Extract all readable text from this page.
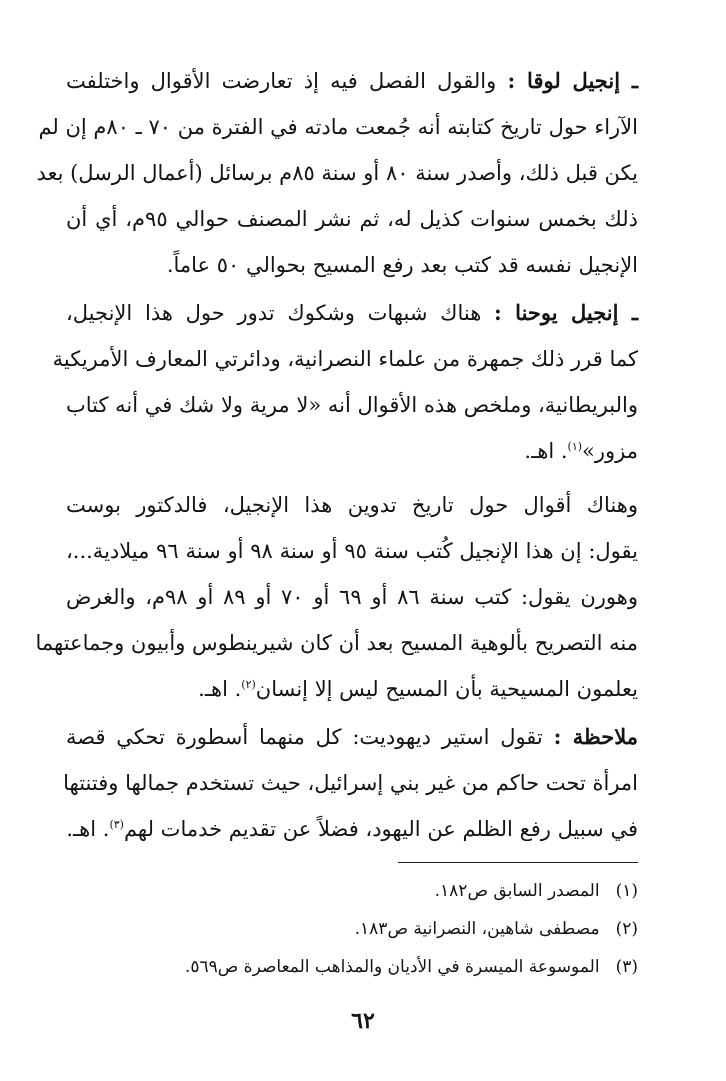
ـ إنجيل لوقا : والقول الفصل فيه إذ تعارضت الأقوال واختلفت
الآراء حول تاريخ كتابته أنه جُمعت مادته في الفترة من ٧٠ ـ ٨٠م إن لم
يكن قبل ذلك، وأصدر سنة ٨٠ أو سنة ٨٥م برسائل (أعمال الرسل) بعد
ذلك بخمس سنوات كذيل له، ثم نشر المصنف حوالي ٩٥م، أي أن
الإنجيل نفسه قد كتب بعد رفع المسيح بحوالي ٥٠ عاماً.
ـ إنجيل يوحنا : هناك شبهات وشكوك تدور حول هذا الإنجيل،
كما قرر ذلك جمهرة من علماء النصرانية، ودائرتي المعارف الأمريكية
والبريطانية، وملخص هذه الأقوال أنه «لا مرية ولا شك في أنه كتاب
مزور»$^{(١)}$. اهـ.
وهناك أقوال حول تاريخ تدوين هذا الإنجيل، فالدكتور بوست
يقول: إن هذا الإنجيل كُتب سنة ٩٥ أو سنة ٩٨ أو سنة ٩٦ ميلادية...،
وهورن يقول: كتب سنة ٨٦ أو ٦٩ أو ٧٠ أو ٨٩ أو ٩٨م، والغرض
منه التصريح بألوهية المسيح بعد أن كان شيرينطوس وأبيون وجماعتهما
يعلمون المسيحية بأن المسيح ليس إلا إنسان$^{(٢)}$. اهـ.
ملاحظة : تقول استير ديهوديت: كل منهما أسطورة تحكي قصة
امرأة تحت حاكم من غير بني إسرائيل، حيث تستخدم جمالها وفتنتها
في سبيل رفع الظلم عن اليهود، فضلاً عن تقديم خدمات لهم$^{(٣)}$. اهـ.
(١)المصدر السابق ص١٨٢.
(٢)مصطفى شاهين، النصرانية ص١٨٣.
(٣)الموسوعة الميسرة في الأديان والمذاهب المعاصرة ص٥٦٩.
٦٢
